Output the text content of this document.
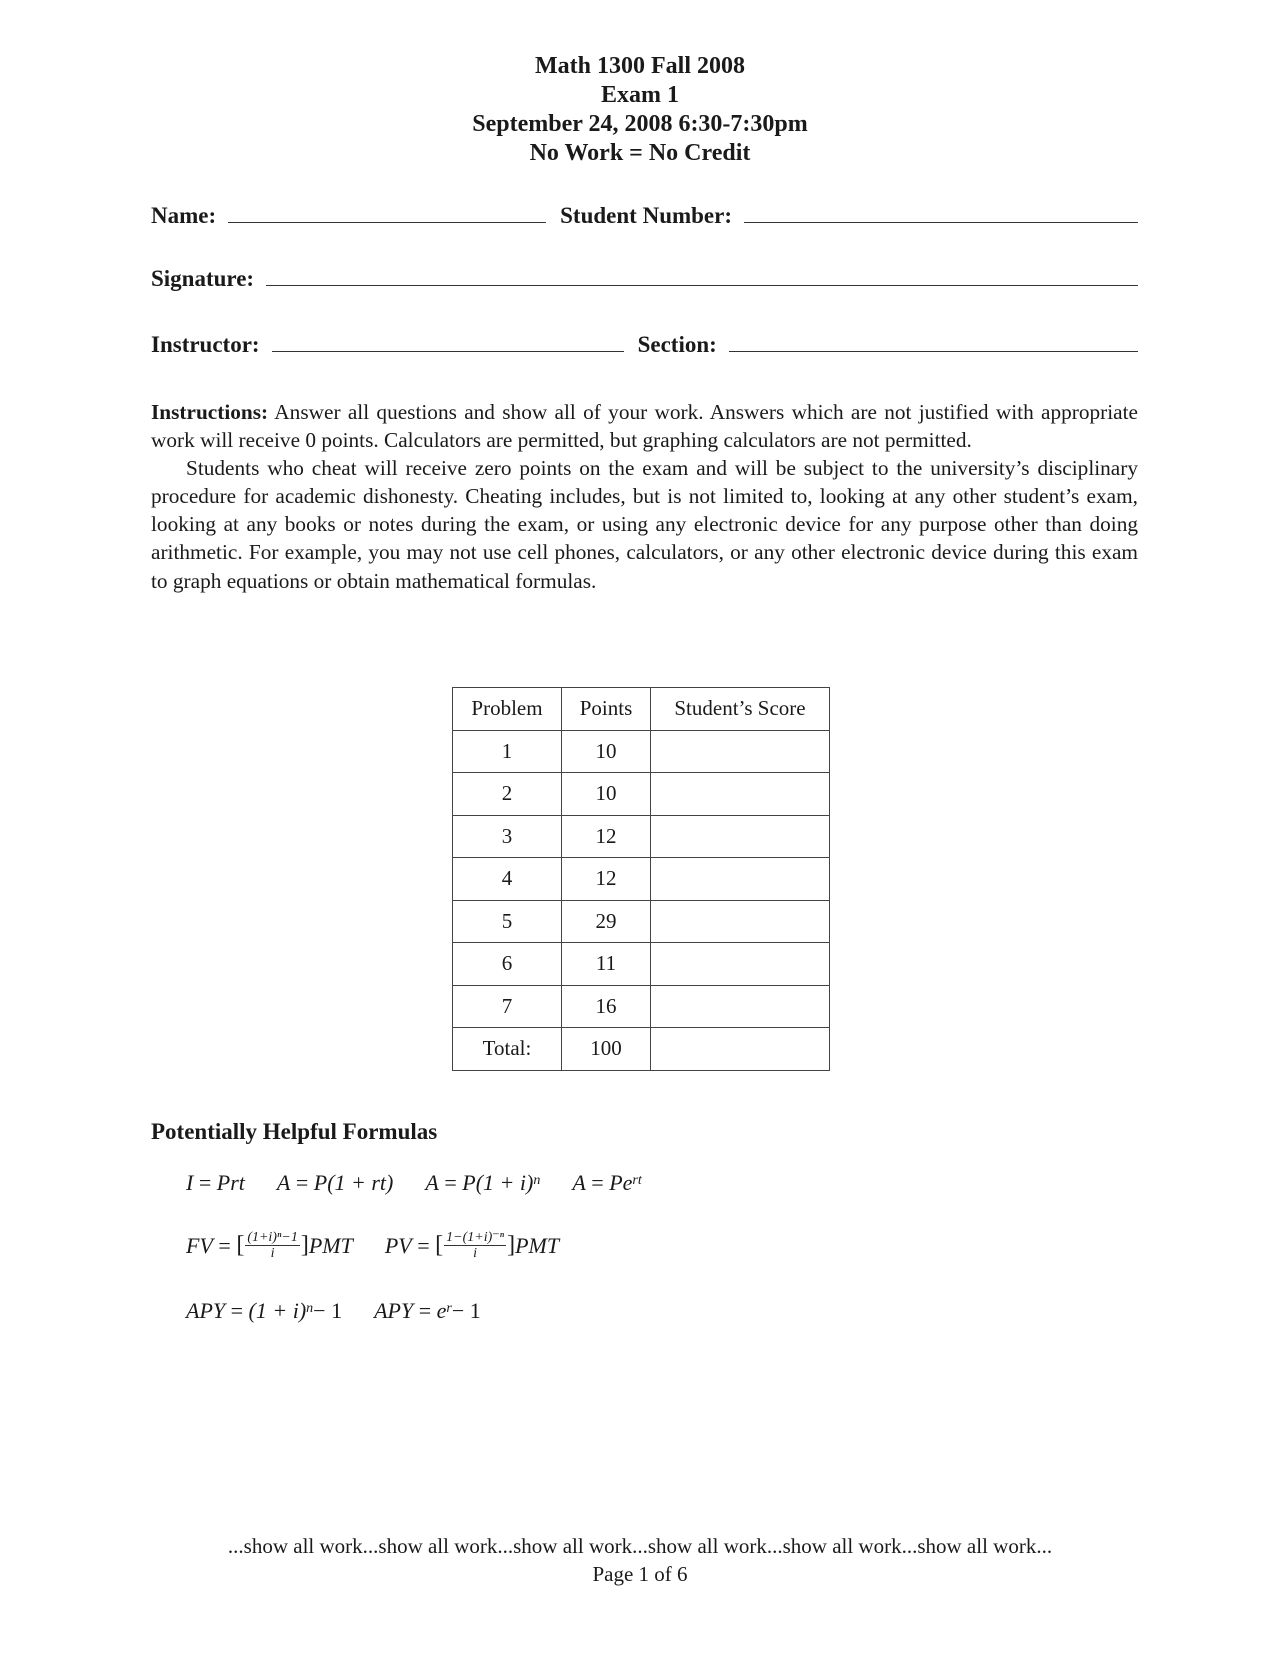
Math 1300 Fall 2008
Exam 1
September 24, 2008 6:30-7:30pm
No Work = No Credit
Name:	Student Number:
Signature:
Instructor:	Section:

Instructions: Answer all questions and show all of your work. Answers which are not justified with appropriate work will receive 0 points. Calculators are permitted, but graphing calculators are not permitted.

Students who cheat will receive zero points on the exam and will be subject to the university’s disciplinary procedure for academic dishonesty. Cheating includes, but is not limited to, looking at any other student’s exam, looking at any books or notes during the exam, or using any electronic device for any purpose other than doing arithmetic. For example, you may not use cell phones, calculators, or any other electronic device during this exam to graph equations or obtain mathematical formulas.

Problem	Points	Student’s Score
1	10	
2	10	
3	12	
4	12	
5	29	
6	11	
7	16	
Total:	100	
Potentially Helpful Formulas
I = Prt A = P(1 + rt) A = P(1 + i) n A = Pe rt
FV = [ $\frac{\text{(1+i)ⁿ−1}}{i}$ ] PMT PV = [ $\frac{\text{1−(1+i)⁻ⁿ}}{i}$ ] PMT
APY = (1 + i) n − 1 APY = e r − 1
...show all work...show all work...show all work...show all work...show all work...show all work...
Page 1 of 6
